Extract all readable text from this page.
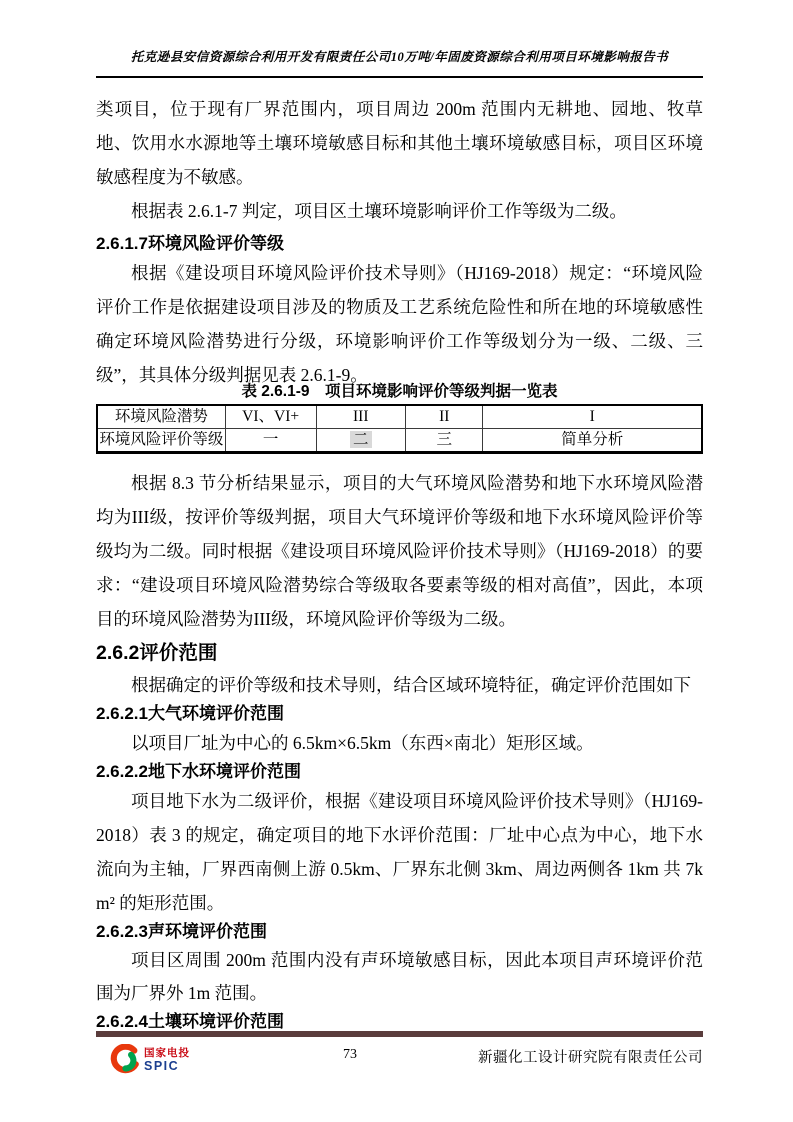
托克逊县安信资源综合利用开发有限责任公司10万吨/年固废资源综合利用项目环境影响报告书

类项目，位于现有厂界范围内，项目周边 200m 范围内无耕地、园地、牧草地、饮用水水源地等土壤环境敏感目标和其他土壤环境敏感目标，项目区环境敏感程度为不敏感。

根据表 2.6.1-7 判定，项目区土壤环境影响评价工作等级为二级。

2.6.1.7环境风险评价等级

根据《建设项目环境风险评价技术导则》（HJ169-2018）规定：“环境风险评价工作是依据建设项目涉及的物质及工艺系统危险性和所在地的环境敏感性确定环境风险潜势进行分级，环境影响评价工作等级划分为一级、二级、三级”，其具体分级判据见表 2.6.1-9。

表 2.6.1-9　项目环境影响评价等级判据一览表
环境风险潜势	VI、VI+	III	II	I
环境风险评价等级	一	二	三	简单分析

根据 8.3 节分析结果显示，项目的大气环境风险潜势和地下水环境风险潜均为III级，按评价等级判据，项目大气环境评价等级和地下水环境风险评价等级均为二级。同时根据《建设项目环境风险评价技术导则》（HJ169-2018）的要求：“建设项目环境风险潜势综合等级取各要素等级的相对高值”，因此，本项目的环境风险潜势为III级，环境风险评价等级为二级。

2.6.2评价范围

根据确定的评价等级和技术导则，结合区域环境特征，确定评价范围如下

2.6.2.1大气环境评价范围

以项目厂址为中心的 6.5km×6.5km（东西×南北）矩形区域。

2.6.2.2地下水环境评价范围

项目地下水为二级评价，根据《建设项目环境风险评价技术导则》（HJ169-2018）表 3 的规定，确定项目的地下水评价范围：厂址中心点为中心，地下水流向为主轴，厂界西南侧上游 0.5km、厂界东北侧 3km、周边两侧各 1km 共 7km² 的矩形范围。

2.6.2.3声环境评价范围

项目区周围 200m 范围内没有声环境敏感目标，因此本项目声环境评价范围为厂界外 1m 范围。

2.6.2.4土壤环境评价范围
国家电投
SPIC
73	新疆化工设计研究院有限责任公司
